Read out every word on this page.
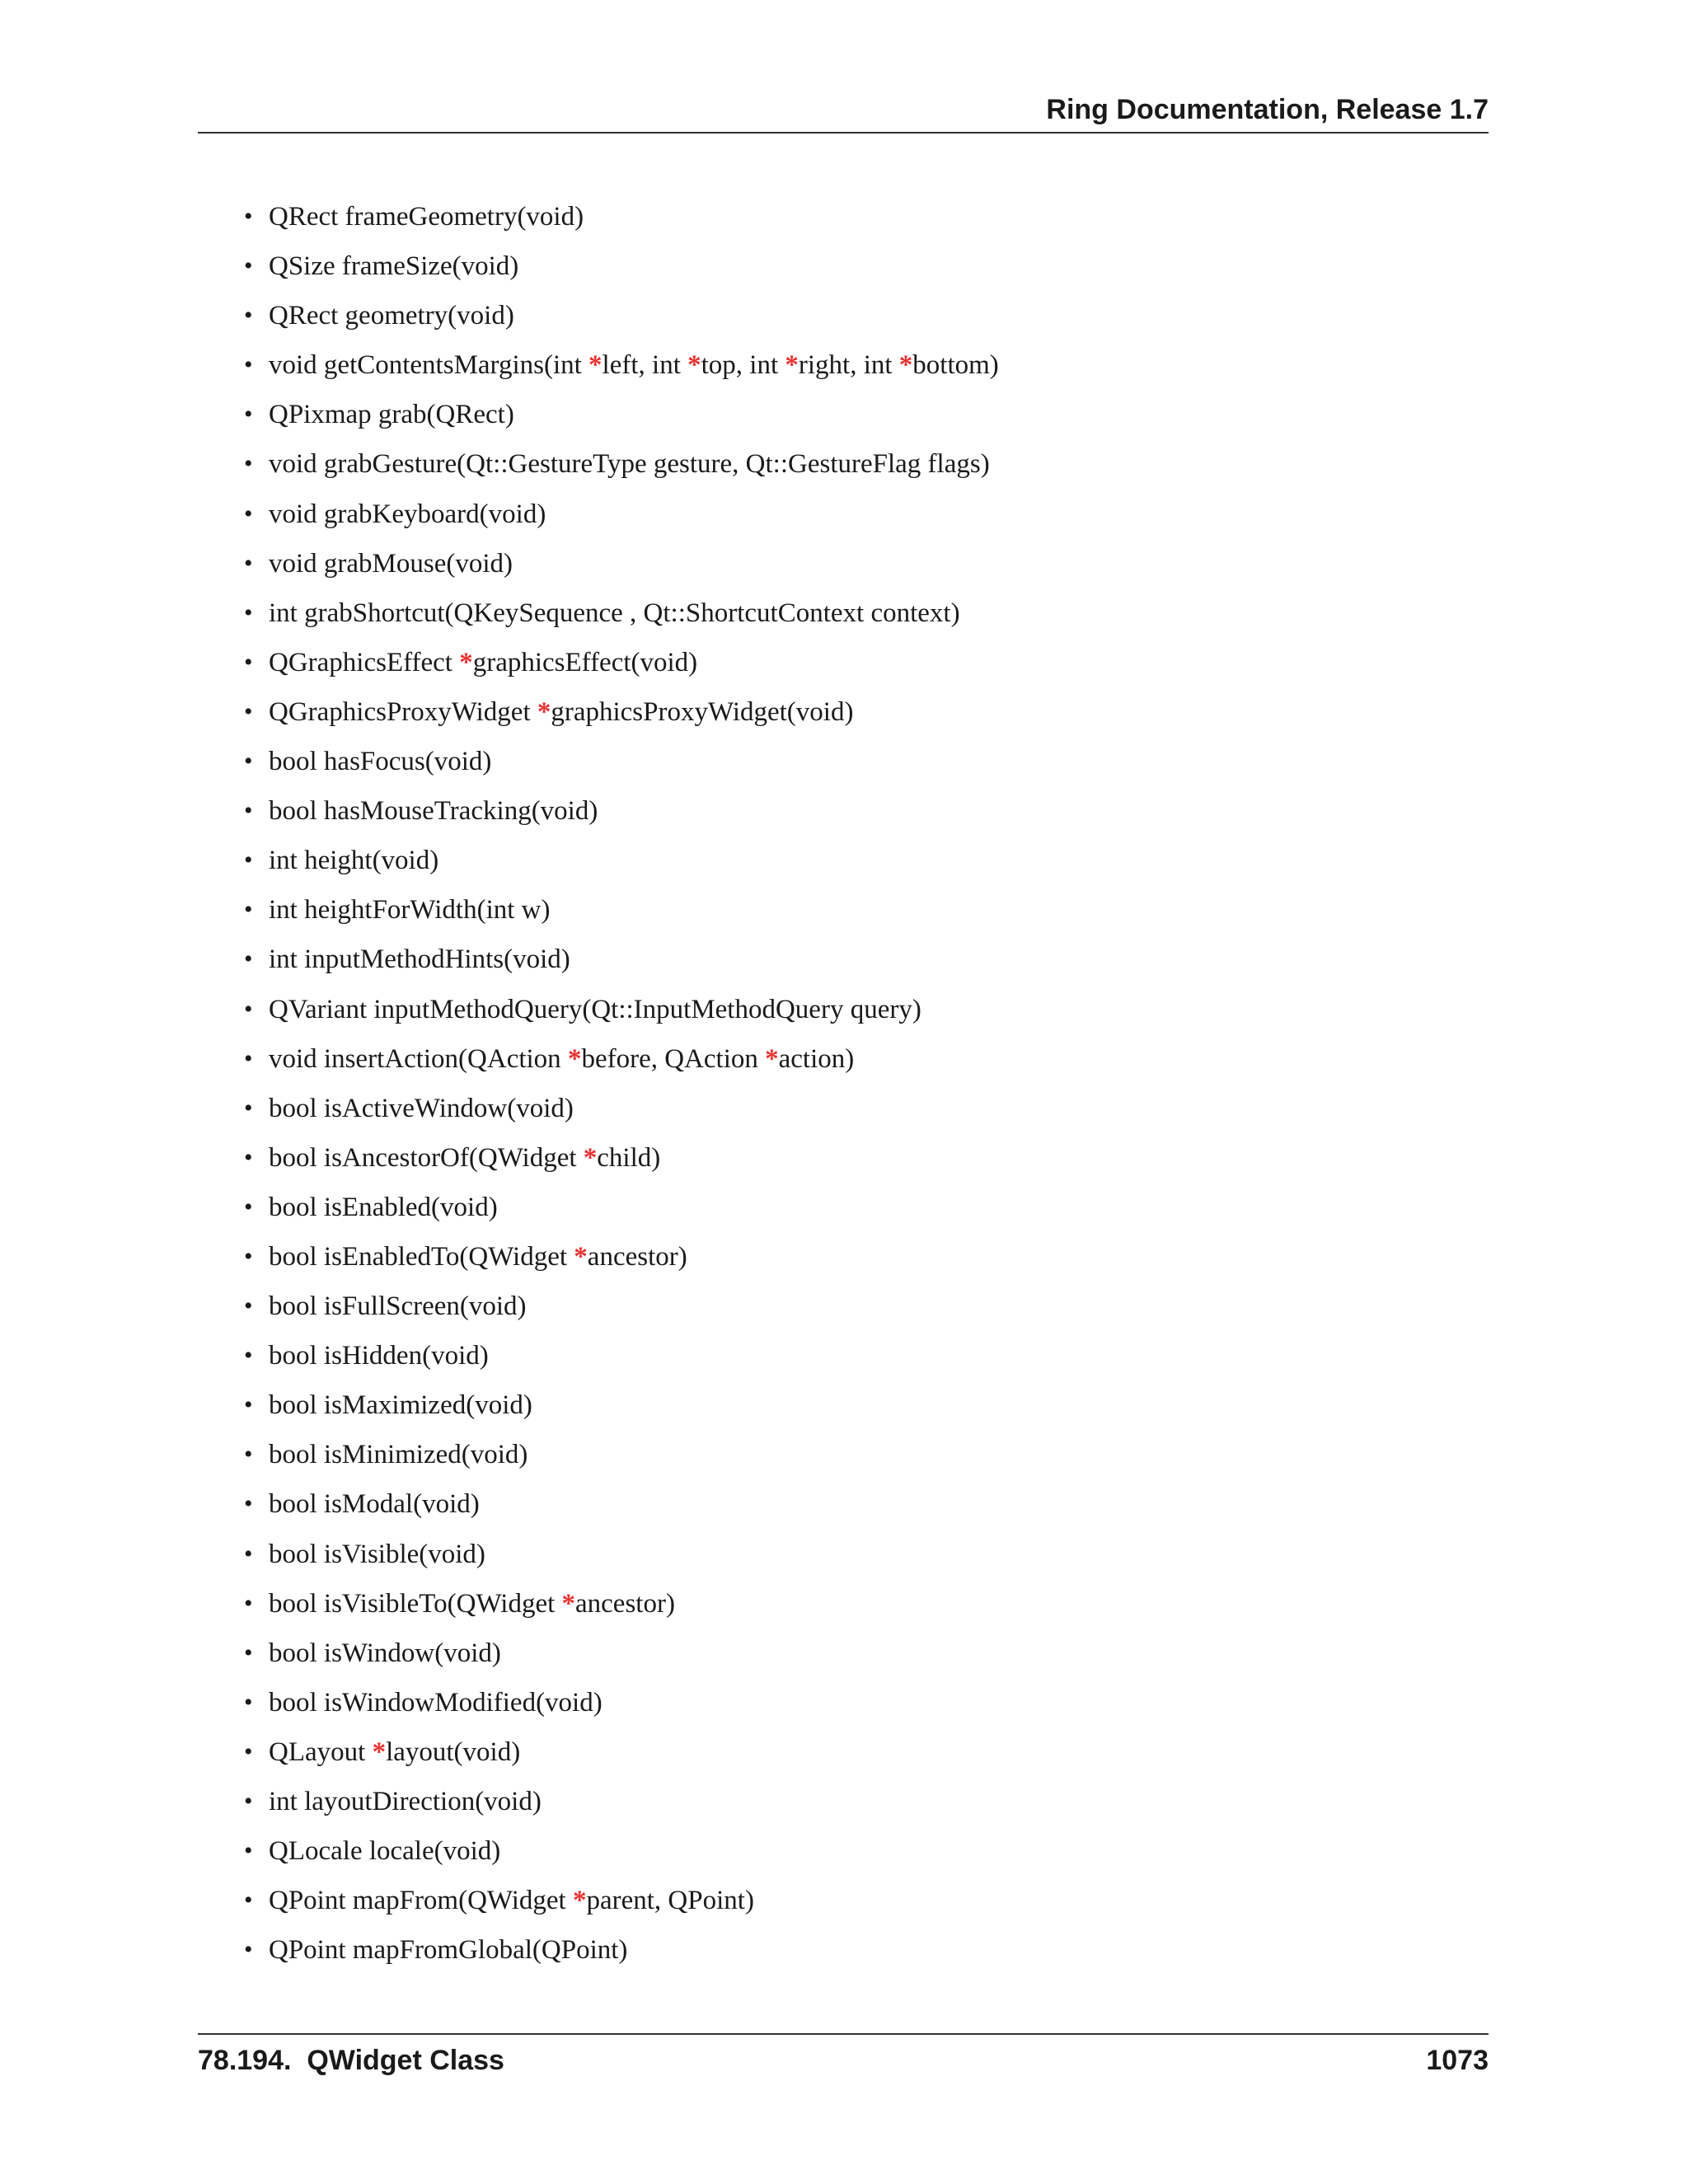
Ring Documentation, Release 1.7
• QRect frameGeometry(void)
• QSize frameSize(void)
• QRect geometry(void)
• void getContentsMargins(int *left, int *top, int *right, int *bottom)
• QPixmap grab(QRect)
• void grabGesture(Qt::GestureType gesture, Qt::GestureFlag flags)
• void grabKeyboard(void)
• void grabMouse(void)
• int grabShortcut(QKeySequence , Qt::ShortcutContext context)
• QGraphicsEffect *graphicsEffect(void)
• QGraphicsProxyWidget *graphicsProxyWidget(void)
• bool hasFocus(void)
• bool hasMouseTracking(void)
• int height(void)
• int heightForWidth(int w)
• int inputMethodHints(void)
• QVariant inputMethodQuery(Qt::InputMethodQuery query)
• void insertAction(QAction *before, QAction *action)
• bool isActiveWindow(void)
• bool isAncestorOf(QWidget *child)
• bool isEnabled(void)
• bool isEnabledTo(QWidget *ancestor)
• bool isFullScreen(void)
• bool isHidden(void)
• bool isMaximized(void)
• bool isMinimized(void)
• bool isModal(void)
• bool isVisible(void)
• bool isVisibleTo(QWidget *ancestor)
• bool isWindow(void)
• bool isWindowModified(void)
• QLayout *layout(void)
• int layoutDirection(void)
• QLocale locale(void)
• QPoint mapFrom(QWidget *parent, QPoint)
• QPoint mapFromGlobal(QPoint)
78.194.  QWidget Class	1073
